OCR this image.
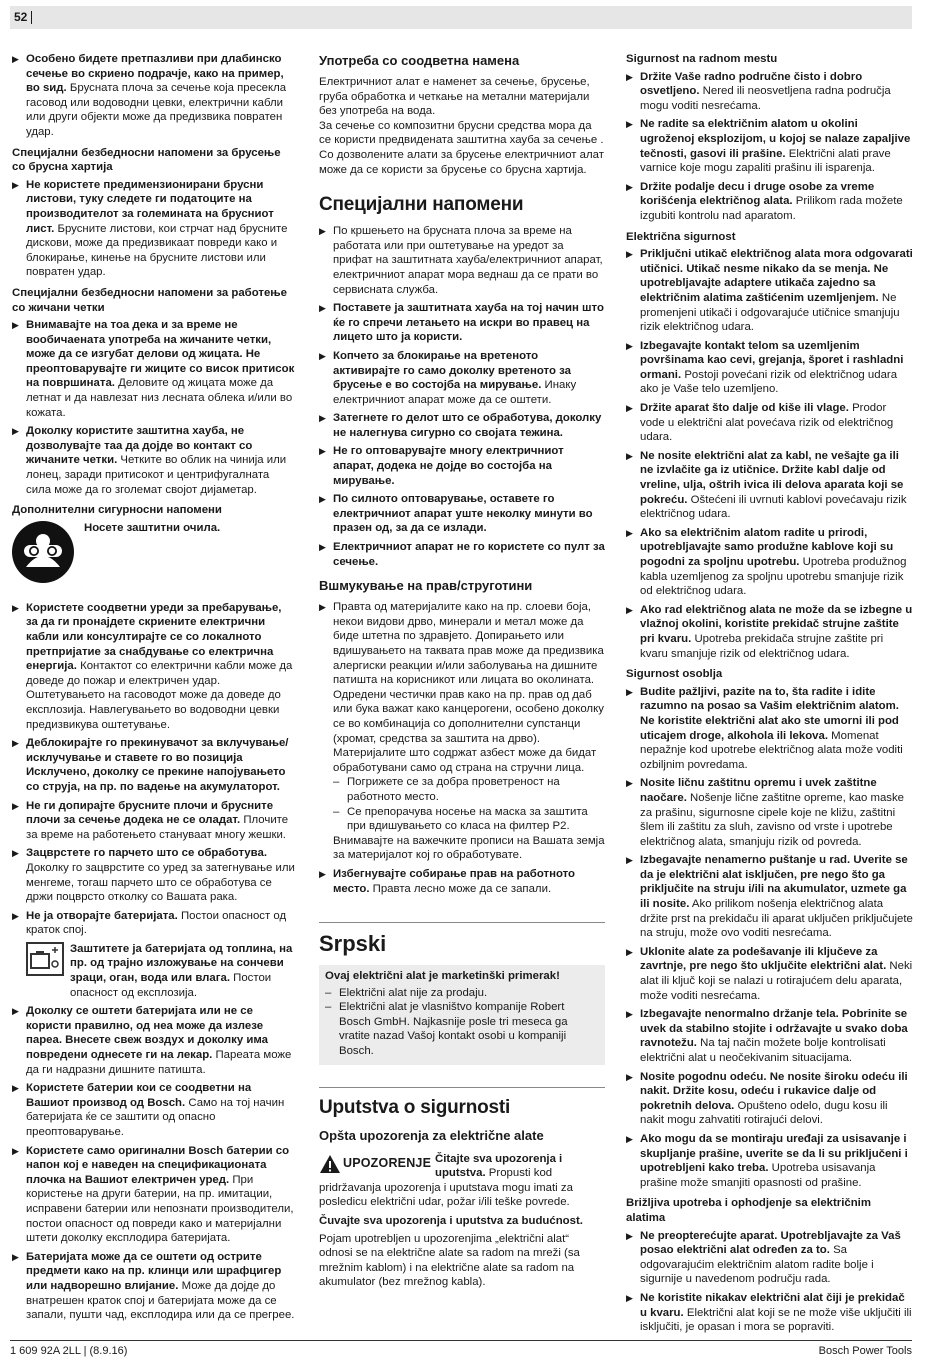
52
▶ Особено бидете претпазливи при длабинско сечење во скриено подрачје, како на пример, во ѕид. Брусната плоча за сечење која пресекла гасовод или водоводни цевки, електрични кабли или други објекти може да предизвика повратен удар.
Специјални безбедносни напомени за брусење со брусна хартија
▶ Не користете предимензионирани брусни листови, туку следете ги податоците на производителот за големината на брусниот лист. Брусните листови, кои стрчат над брусните дискови, може да предизвикаат повреди како и блокирање, кинење на брусните листови или повратен удар.
Специјални безбедносни напомени за работење со жичани четки
▶ Внимавајте на тоа дека и за време не вообичаената употреба на жичаните четки, може да се изгубат делови од жицата. Не преоптоварувајте ги жиците со висок притисок на површината. Деловите од жицата може да летнат и да навлезат низ лесната облека и/или во кожата.
▶ Доколку користите заштитна хауба, не дозволувајте таа да дојде во контакт со жичаните четки. Четките во облик на чинија или лонец, заради притисокот и центрифугалната сила може да го зголемат својот дијаметар.
Дополнителни сигурносни напомени
Носете заштитни очила.
▶ Користете соодветни уреди за пребарување, за да ги пронајдете скриените електрични кабли или консултирајте се со локалното претпријатие за снабдување со електрична енергија. Контактот со електрични кабли може да доведе до пожар и електричен удар. Оштетувањето на гасоводот може да доведе до експлозија. Навлегувањето во водоводни цевки предизвикува оштетување.
▶ Деблокирајте го прекинувачот за вклучување/исклучување и ставете го во позиција Исклучено, доколку се прекине напојувањето со струја, на пр. по вадење на акумулаторот.
▶ Не ги допирајте брусните плочи и брусните плочи за сечење додека не се оладат. Плочите за време на работењето стануваат многу жешки.
▶ Зацврстете го парчето што се обработува. Доколку го зацврстите со уред за затегнување или менгеме, тогаш парчето што се обработува се држи поцврсто отколку со Вашата рака.
▶ Не ја отворајте батеријата. Постои опасност од краток спој.
Заштитете ја батеријата од топлина, на пр. од трајно изложување на сончеви зраци, оган, вода или влага. Постои опасност од експлозија.
▶ Доколку се оштети батеријата или не се користи правилно, од неа може да излезе пареа. Внесете свеж воздух и доколку има повредени однесете ги на лекар. Пареата може да ги надразни дишните патишта.
▶ Користете батерии кои се соодветни на Вашиот производ од Bosch. Само на тој начин батеријата ќе се заштити од опасно преоптоварување.
▶ Користете само оригинални Bosch батерии со напон кој е наведен на спецификационата плочка на Вашиот електричен уред. При користење на други батерии, на пр. имитации, исправени батерии или непознати производители, постои опасност од повреди како и материјални штети доколку експлодира батеријата.
▶ Батеријата може да се оштети од острите предмети како на пр. клинци или шрафцигер или надворешно влијание. Може да дојде до внатрешен краток спој и батеријата може да се запали, пушти чад, експлодира или да се прегрее.
Употреба со соодветна намена
Електричниот алат е наменет за сечење, брусење, груба обработка и четкање на метални материјали без употреба на вода.
За сечење со композитни брусни средства мора да се користи предвидената заштитна хауба за сечење .
Со дозволените алати за брусење електричниот алат може да се користи за брусење со брусна хартија.
Специјални напомени
▶ По кршењето на брусната плоча за време на работата или при оштетување на уредот за прифат на заштитната хауба/електричниот апарат, електричниот апарат мора веднаш да се прати во сервисната служба.
▶ Поставете ја заштитната хауба на тој начин што ќе го спречи летањето на искри во правец на лицето што ја користи.
▶ Копчето за блокирање на вретеното активирајте го само доколку вретеното за брусење е во состојба на мирување. Инаку електричниот апарат може да се оштети.
▶ Затегнете го делот што се обработува, доколку не налегнува сигурно со својата тежина.
▶ Не го оптоварувајте многу електричниот апарат, додека не дојде во состојба на мирување.
▶ По силното оптоварување, оставете го електричниот апарат уште неколку минути во празен од, за да се излади.
▶ Електричниот апарат не го користете со пулт за сечење.
Вшмукување на прав/струготини
▶ Правта од материјалите како на пр. слоеви боја, некои видови дрво, минерали и метал може да биде штетна по здравјето. Допирањето или вдишувањето на таквата прав може да предизвика алергиски реакции и/или заболувања на дишните патишта на корисникот или лицата во околината.
Одредени честички прав како на пр. прав од даб или бука важат како канцерогени, особено доколку се во комбинација со дополнителни супстанци (хромат, средства за заштита на дрво). Материјалите што содржат азбест може да бидат обработувани само од страна на стручни лица.
– Погрижете се за добра проветреност на работното место.
– Се препорачува носење на маска за заштита при вдишувањето со класа на филтер P2.
Внимавајте на важечките прописи на Вашата земја за материјалот кој го обработувате.
▶ Избегнувајте собирање прав на работното место. Правта лесно може да се запали.
Srpski
Ovaj električni alat je marketinški primerak!
– Električni alat nije za prodaju.
– Električni alat je vlasništvo kompanije Robert Bosch GmbH. Najkasnije posle tri meseca ga vratite nazad Vašoj kontakt osobi u kompaniji Bosch.
Uputstva o sigurnosti
Opšta upozorenja za električne alate
UPOZORENJE Čitajte sva upozorenja i uputstva. Propusti kod pridržavanja upozorenja i uputstava mogu imati za posledicu električni udar, požar i/ili teške povrede.
Čuvajte sva upozorenja i uputstva za budućnost.
Pojam upotrebljen u upozorenjima „električni alat“ odnosi se na električne alate sa radom na mreži (sa mrežnim kablom) i na električne alate sa radom na akumulator (bez mrežnog kabla).
Sigurnost na radnom mestu
▶ Držite Vaše radno područne čisto i dobro osvetljeno. Nered ili neosvetljena radna područja mogu voditi nesrećama.
▶ Ne radite sa električnim alatom u okolini ugroženoj eksplozijom, u kojoj se nalaze zapaljive tečnosti, gasovi ili prašine. Električni alati prave varnice koje mogu zapaliti prašinu ili isparenja.
▶ Držite podalje decu i druge osobe za vreme korišćenja električnog alata. Prilikom rada možete izgubiti kontrolu nad aparatom.
Električna sigurnost
▶ Priključni utikač električnog alata mora odgovarati utičnici. Utikač nesme nikako da se menja. Ne upotrebljavajte adaptere utikača zajedno sa električnim alatima zaštićenim uzemljenjem. Ne promenjeni utikači i odgovarajuće utičnice smanjuju rizik električnog udara.
▶ Izbegavajte kontakt telom sa uzemljenim površinama kao cevi, grejanja, šporet i rashladni ormani. Postoji povećani rizik od električnog udara ako je Vaše telo uzemljeno.
▶ Držite aparat što dalje od kiše ili vlage. Prodor vode u električni alat povećava rizik od električnog udara.
▶ Ne nosite električni alat za kabl, ne vešajte ga ili ne izvlačite ga iz utičnice. Držite kabl dalje od vreline, ulja, oštrih ivica ili delova aparata koji se pokreću. Oštećeni ili uvrnuti kablovi povećavaju rizik električnog udara.
▶ Ako sa električnim alatom radite u prirodi, upotrebljavajte samo produžne kablove koji su pogodni za spoljnu upotrebu. Upotreba produžnog kabla uzemljenog za spoljnu upotrebu smanjuje rizik od električnog udara.
▶ Ako rad električnog alata ne može da se izbegne u vlažnoj okolini, koristite prekidač strujne zaštite pri kvaru. Upotreba prekidača strujne zaštite pri kvaru smanjuje rizik od električnog udara.
Sigurnost osoblja
▶ Budite pažljivi, pazite na to, šta radite i idite razumno na posao sa Vašim električnim alatom. Ne koristite električni alat ako ste umorni ili pod uticajem droge, alkohola ili lekova. Momenat nepažnje kod upotrebe električnog alata može voditi ozbiljnim povredama.
▶ Nosite ličnu zaštitnu opremu i uvek zaštitne naočare. Nošenje lične zaštitne opreme, kao maske za prašinu, sigurnosne cipele koje ne kližu, zaštitni šlem ili zaštitu za sluh, zavisno od vrste i upotrebe električnog alata, smanjuju rizik od povreda.
▶ Izbegavajte nenamerno puštanje u rad. Uverite se da je električni alat isključen, pre nego što ga priključite na struju i/ili na akumulator, uzmete ga ili nosite. Ako prilikom nošenja električnog alata držite prst na prekidaču ili aparat uključen priključujete na struju, može ovo voditi nesrećama.
▶ Uklonite alate za podešavanje ili ključeve za zavrtnje, pre nego što uključite električni alat. Neki alat ili ključ koji se nalazi u rotirajućem delu aparata, može voditi nesrećama.
▶ Izbegavajte nenormalno držanje tela. Pobrinite se uvek da stabilno stojite i održavajte u svako doba ravnotežu. Na taj način možete bolje kontrolisati električni alat u neočekivanim situacijama.
▶ Nosite pogodnu odeću. Ne nosite široku odeću ili nakit. Držite kosu, odeću i rukavice dalje od pokretnih delova. Opušteno odelo, dugu kosu ili nakit mogu zahvatiti rotirajući delovi.
▶ Ako mogu da se montiraju uređaji za usisavanje i skupljanje prašine, uverite se da li su priključeni i upotrebljeni kako treba. Upotreba usisavanja prašine može smanjiti opasnosti od prašine.
Brižljiva upotreba i ophodjenje sa električnim alatima
▶ Ne preopterećujte aparat. Upotrebljavajte za Vaš posao električni alat određen za to. Sa odgovarajućim električnim alatom radite bolje i sigurnije u navedenom području rada.
▶ Ne koristite nikakav električni alat čiji je prekidač u kvaru. Električni alat koji se ne može više uključiti ili isključiti, je opasan i mora se popraviti.
1 609 92A 2LL | (8.9.16)	Bosch Power Tools
